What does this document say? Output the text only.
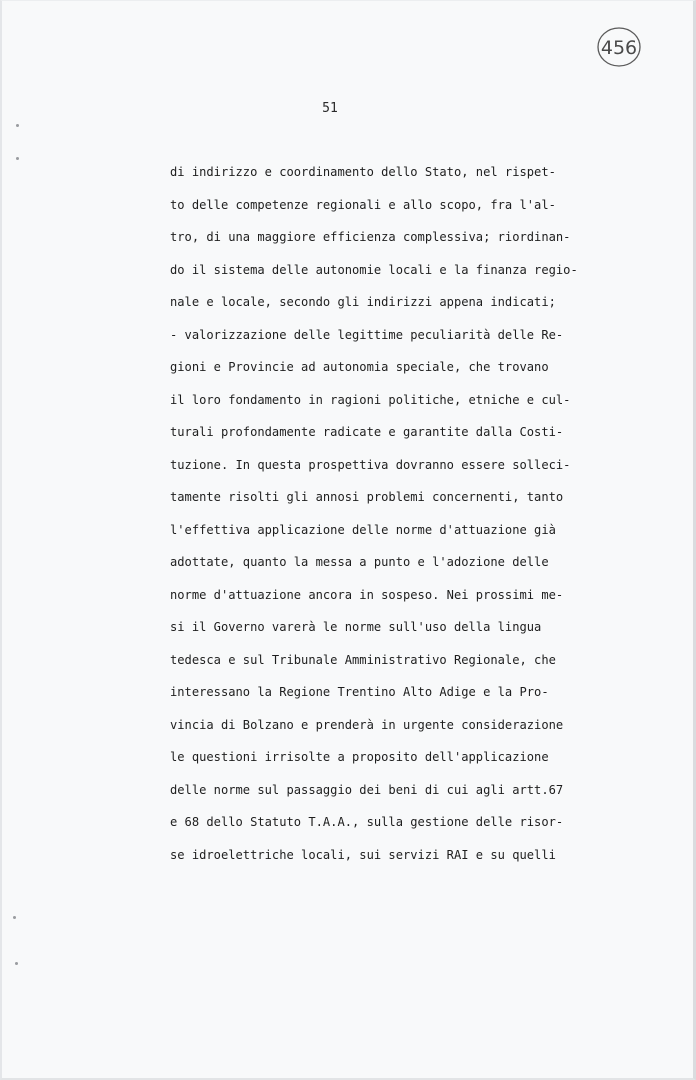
456
51
di indirizzo e coordinamento dello Stato, nel rispet-
to delle competenze regionali e allo scopo, fra l'al-
tro, di una maggiore efficienza complessiva; riordinan-
do il sistema delle autonomie locali e la finanza regio-
nale e locale, secondo gli indirizzi appena indicati;
- valorizzazione delle legittime peculiarità delle Re-
gioni e Provincie ad autonomia speciale, che trovano
il loro fondamento in ragioni politiche, etniche e cul-
turali profondamente radicate e garantite dalla Costi-
tuzione. In questa prospettiva dovranno essere solleci-
tamente risolti gli annosi problemi concernenti, tanto
l'effettiva applicazione delle norme d'attuazione già
adottate, quanto la messa a punto e l'adozione delle
norme d'attuazione ancora in sospeso. Nei prossimi me-
si il Governo varerà le norme sull'uso della lingua
tedesca e sul Tribunale Amministrativo Regionale, che
interessano la Regione Trentino Alto Adige e la Pro-
vincia di Bolzano e prenderà in urgente considerazione
le questioni irrisolte a proposito dell'applicazione
delle norme sul passaggio dei beni di cui agli artt.67
e 68 dello Statuto T.A.A., sulla gestione delle risor-
se idroelettriche locali, sui servizi RAI e su quelli
